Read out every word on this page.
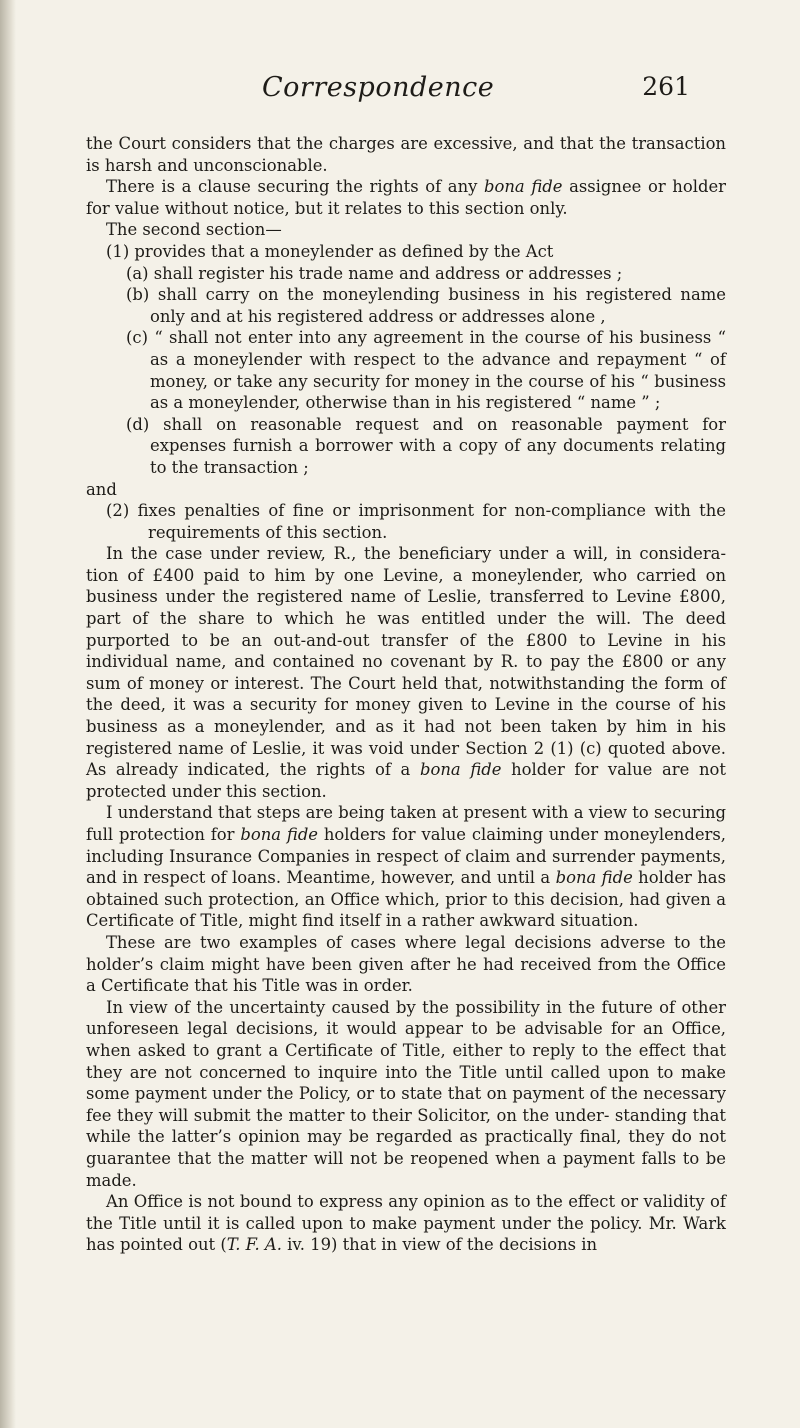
Correspondence	261

the Court considers that the charges are excessive, and that the transaction is harsh and unconscionable.

There is a clause securing the rights of any bona fide assignee or holder for value without notice, but it relates to this section only.

The second section—

(1) provides that a moneylender as defined by the Act

(a) shall register his trade name and address or addresses ;

(b) shall carry on the moneylending business in his registered name only and at his registered address or addresses alone ,

(c) “ shall not enter into any agreement in the course of his business “ as a moneylender with respect to the advance and repayment “ of money, or take any security for money in the course of his “ business as a moneylender, otherwise than in his registered “ name ” ;

(d) shall on reasonable request and on reasonable payment for expenses furnish a borrower with a copy of any documents relating to the transaction ;

and

(2) fixes penalties of fine or imprisonment for non-compliance with the requirements of this section.

In the case under review, R., the beneficiary under a will, in considera- tion of £400 paid to him by one Levine, a moneylender, who carried on business under the registered name of Leslie, transferred to Levine £800, part of the share to which he was entitled under the will. The deed purported to be an out-and-out transfer of the £800 to Levine in his individual name, and contained no covenant by R. to pay the £800 or any sum of money or interest. The Court held that, notwithstanding the form of the deed, it was a security for money given to Levine in the course of his business as a moneylender, and as it had not been taken by him in his registered name of Leslie, it was void under Section 2 (1) (c) quoted above. As already indicated, the rights of a bona fide holder for value are not protected under this section.

I understand that steps are being taken at present with a view to securing full protection for bona fide holders for value claiming under moneylenders, including Insurance Companies in respect of claim and surrender payments, and in respect of loans. Meantime, however, and until a bona fide holder has obtained such protection, an Office which, prior to this decision, had given a Certificate of Title, might find itself in a rather awkward situation.

These are two examples of cases where legal decisions adverse to the holder’s claim might have been given after he had received from the Office a Certificate that his Title was in order.

In view of the uncertainty caused by the possibility in the future of other unforeseen legal decisions, it would appear to be advisable for an Office, when asked to grant a Certificate of Title, either to reply to the effect that they are not concerned to inquire into the Title until called upon to make some payment under the Policy, or to state that on payment of the necessary fee they will submit the matter to their Solicitor, on the under- standing that while the latter’s opinion may be regarded as practically final, they do not guarantee that the matter will not be reopened when a payment falls to be made.

An Office is not bound to express any opinion as to the effect or validity of the Title until it is called upon to make payment under the policy. Mr. Wark has pointed out (T. F. A. iv. 19) that in view of the decisions in
